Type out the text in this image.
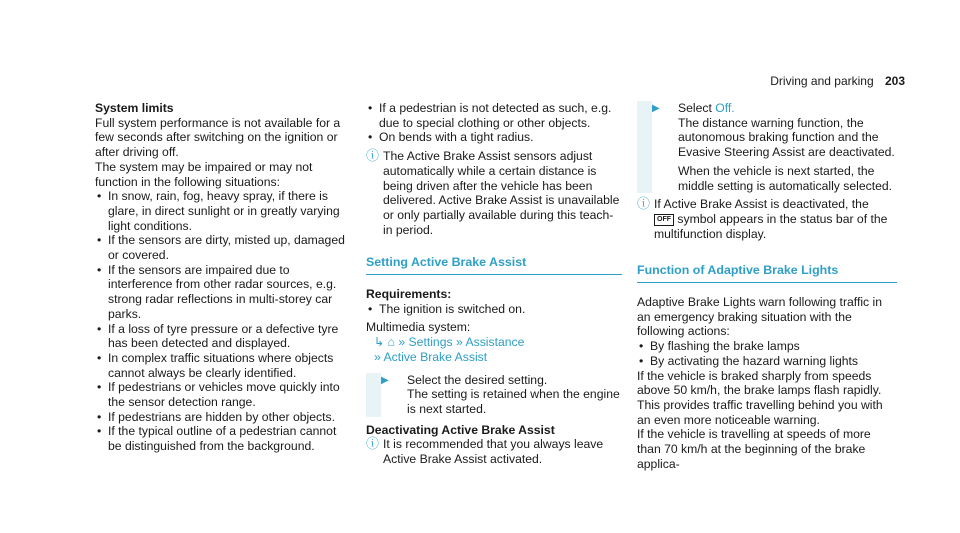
Driving and parking 203

System limits

Full system performance is not available for a few seconds after switching on the ignition or after driving off.

The system may be impaired or may not function in the following situations:

• In snow, rain, fog, heavy spray, if there is glare, in direct sunlight or in greatly varying light conditions.
• If the sensors are dirty, misted up, damaged or covered.
• If the sensors are impaired due to interference from other radar sources, e.g. strong radar reflections in multi-storey car parks.
• If a loss of tyre pressure or a defective tyre has been detected and displayed.
• In complex traffic situations where objects cannot always be clearly identified.
• If pedestrians or vehicles move quickly into the sensor detection range.
• If pedestrians are hidden by other objects.
• If the typical outline of a pedestrian cannot be distinguished from the background.
• If a pedestrian is not detected as such, e.g. due to special clothing or other objects.
• On bends with a tight radius.
ⓘ The Active Brake Assist sensors adjust automatically while a certain distance is being driven after the vehicle has been delivered. Active Brake Assist is unavailable or only partially available during this teach-in period.
Setting Active Brake Assist

Requirements:

• The ignition is switched on.

Multimedia system:

↳ ⌂ » Settings » Assistance
» Active Brake Assist
▶ Select the desired setting.

The setting is retained when the engine is next started.

Deactivating Active Brake Assist

ⓘ It is recommended that you always leave Active Brake Assist activated.
▶ Select Off.

The distance warning function, the autonomous braking function and the Evasive Steering Assist are deactivated.

When the vehicle is next started, the middle setting is automatically selected.

ⓘ If Active Brake Assist is deactivated, the
OFF symbol appears in the status bar of the multifunction display.
Function of Adaptive Brake Lights

Adaptive Brake Lights warn following traffic in an emergency braking situation with the following actions:

• By flashing the brake lamps
• By activating the hazard warning lights

If the vehicle is braked sharply from speeds above 50 km/h, the brake lamps flash rapidly. This provides traffic travelling behind you with an even more noticeable warning.

If the vehicle is travelling at speeds of more than 70 km/h at the beginning of the brake applica-
